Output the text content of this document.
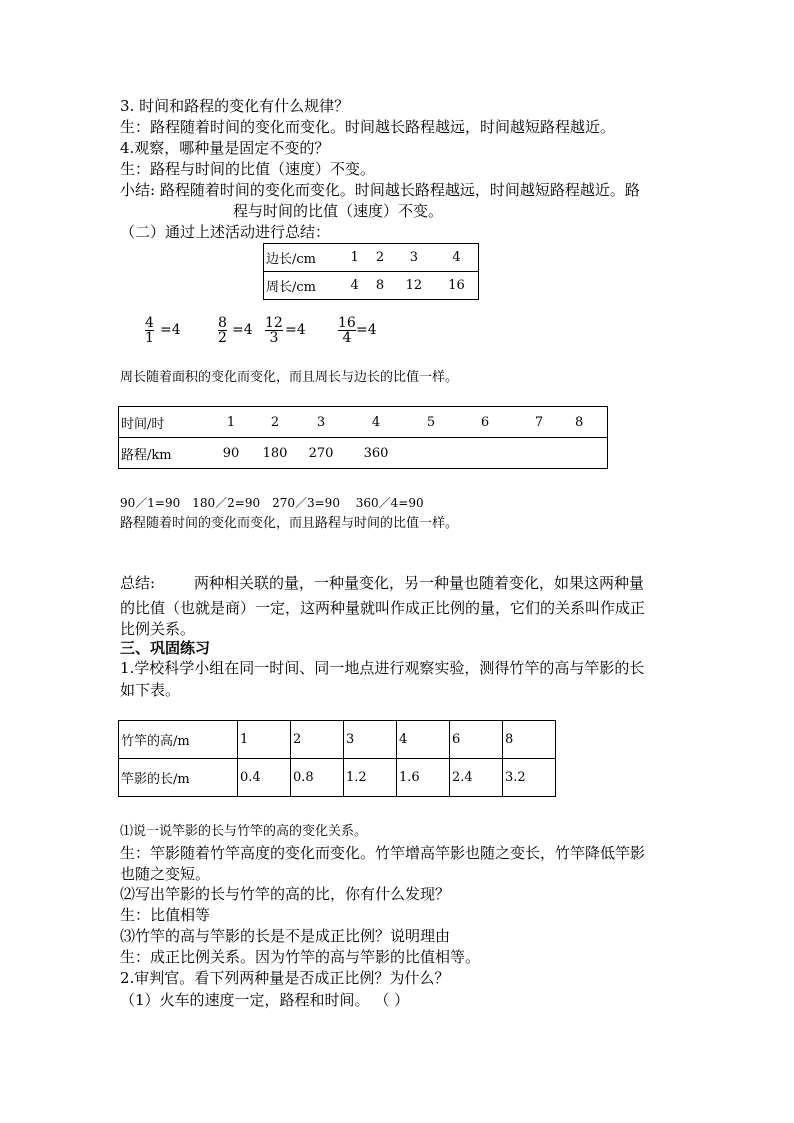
3. 时间和路程的变化有什么规律？
生：路程随着时间的变化而变化。时间越长路程越远，时间越短路程越近。
4.观察，哪种量是固定不变的？
生：路程与时间的比值（速度）不变。
小结: 路程随着时间的变化而变化。时间越长路程越远，时间越短路程越近。路
程与时间的比值（速度）不变。
（二）通过上述活动进行总结：
边长/cm	1	2	3	4
周长/cm	4	8	12	16
$\frac{4}{1} =4$	$\frac{8}{2} =4 \frac{12}{3} =4 \frac{16}{4} =4$
周长随着面积的变化而变化，而且周长与边长的比值一样。
时间/时	1	2	3	4	5	6	7	8
路程/km	90	180	270	360				
90／1=90　180／2=90　270／3=90　 360／4=90
路程随着时间的变化而变化，而且路程与时间的比值一样。
总结:	两种相关联的量，一种量变化，另一种量也随着变化，如果这两种量
的比值（也就是商）一定，这两种量就叫作成正比例的量，它们的关系叫作成正
比例关系。
三、巩固练习
1.学校科学小组在同一时间、同一地点进行观察实验，测得竹竿的高与竿影的长
如下表。
竹竿的高/m	1	2	3	4	6	8
竿影的长/m	0.4	0.8	1.2	1.6	2.4	3.2
⑴说一说竿影的长与竹竿的高的变化关系。
生：竿影随着竹竿高度的变化而变化。竹竿增高竿影也随之变长，竹竿降低竿影
也随之变短。
⑵写出竿影的长与竹竿的高的比，你有什么发现？
生：比值相等
⑶竹竿的高与竿影的长是不是成正比例？说明理由
生：成正比例关系。因为竹竿的高与竿影的比值相等。
2.审判官。看下列两种量是否成正比例？为什么？
（1）火车的速度一定，路程和时间。 （ ）
